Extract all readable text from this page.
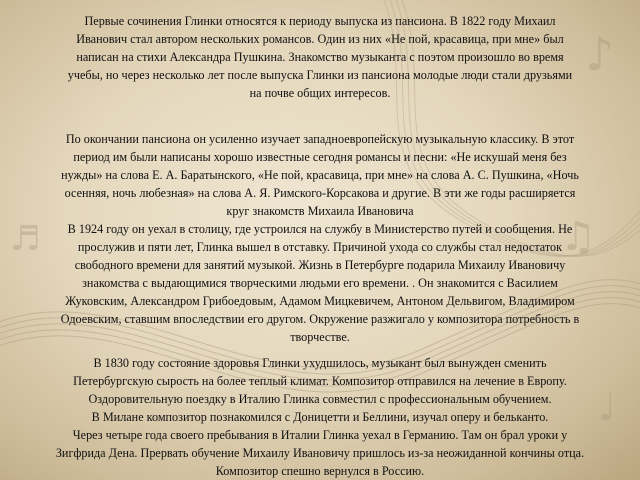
♪
♫
♩
♬

Первые сочинения Глинки относятся к периоду выпуска из пансиона. В 1822 году Михаил
Иванович стал автором нескольких романсов. Один из них «Не пой, красавица, при мне» был
написан на стихи Александра Пушкина. Знакомство музыканта с поэтом произошло во время
учебы, но через несколько лет после выпуска Глинки из пансиона молодые люди стали друзьями
на почве общих интересов.

По окончании пансиона он усиленно изучает западноевропейскую музыкальную классику. В этот
период им были написаны хорошо известные сегодня романсы и песни: «Не искушай меня без
нужды» на слова Е. А. Баратынского, «Не пой, красавица, при мне» на слова А. С. Пушкина, «Ночь
осенняя, ночь любезная» на слова А. Я. Римского-Корсакова и другие. В эти же годы расширяется
круг знакомств Михаила Ивановича
В 1924 году он уехал в столицу, где устроился на службу в Министерство путей и сообщения. Не
прослужив и пяти лет, Глинка вышел в отставку. Причиной ухода со службы стал недостаток
свободного времени для занятий музыкой. Жизнь в Петербурге подарила Михаилу Ивановичу
знакомства с выдающимися творческими людьми его времени. . Он знакомится с Василием
Жуковским, Александром Грибоедовым, Адамом Мицкевичем, Антоном Дельвигом, Владимиром
Одоевским, ставшим впоследствии его другом. Окружение разжигало у композитора потребность в
творчестве.

В 1830 году состояние здоровья Глинки ухудшилось, музыкант был вынужден сменить
Петербургскую сырость на более теплый климат. Композитор отправился на лечение в Европу.
Оздоровительную поездку в Италию Глинка совместил с профессиональным обучением.
В Милане композитор познакомился с Доницетти и Беллини, изучал оперу и бельканто.
Через четыре года своего пребывания в Италии Глинка уехал в Германию. Там он брал уроки у
Зигфрида Дена. Прервать обучение Михаилу Ивановичу пришлось из-за неожиданной кончины отца.
Композитор спешно вернулся в Россию.
